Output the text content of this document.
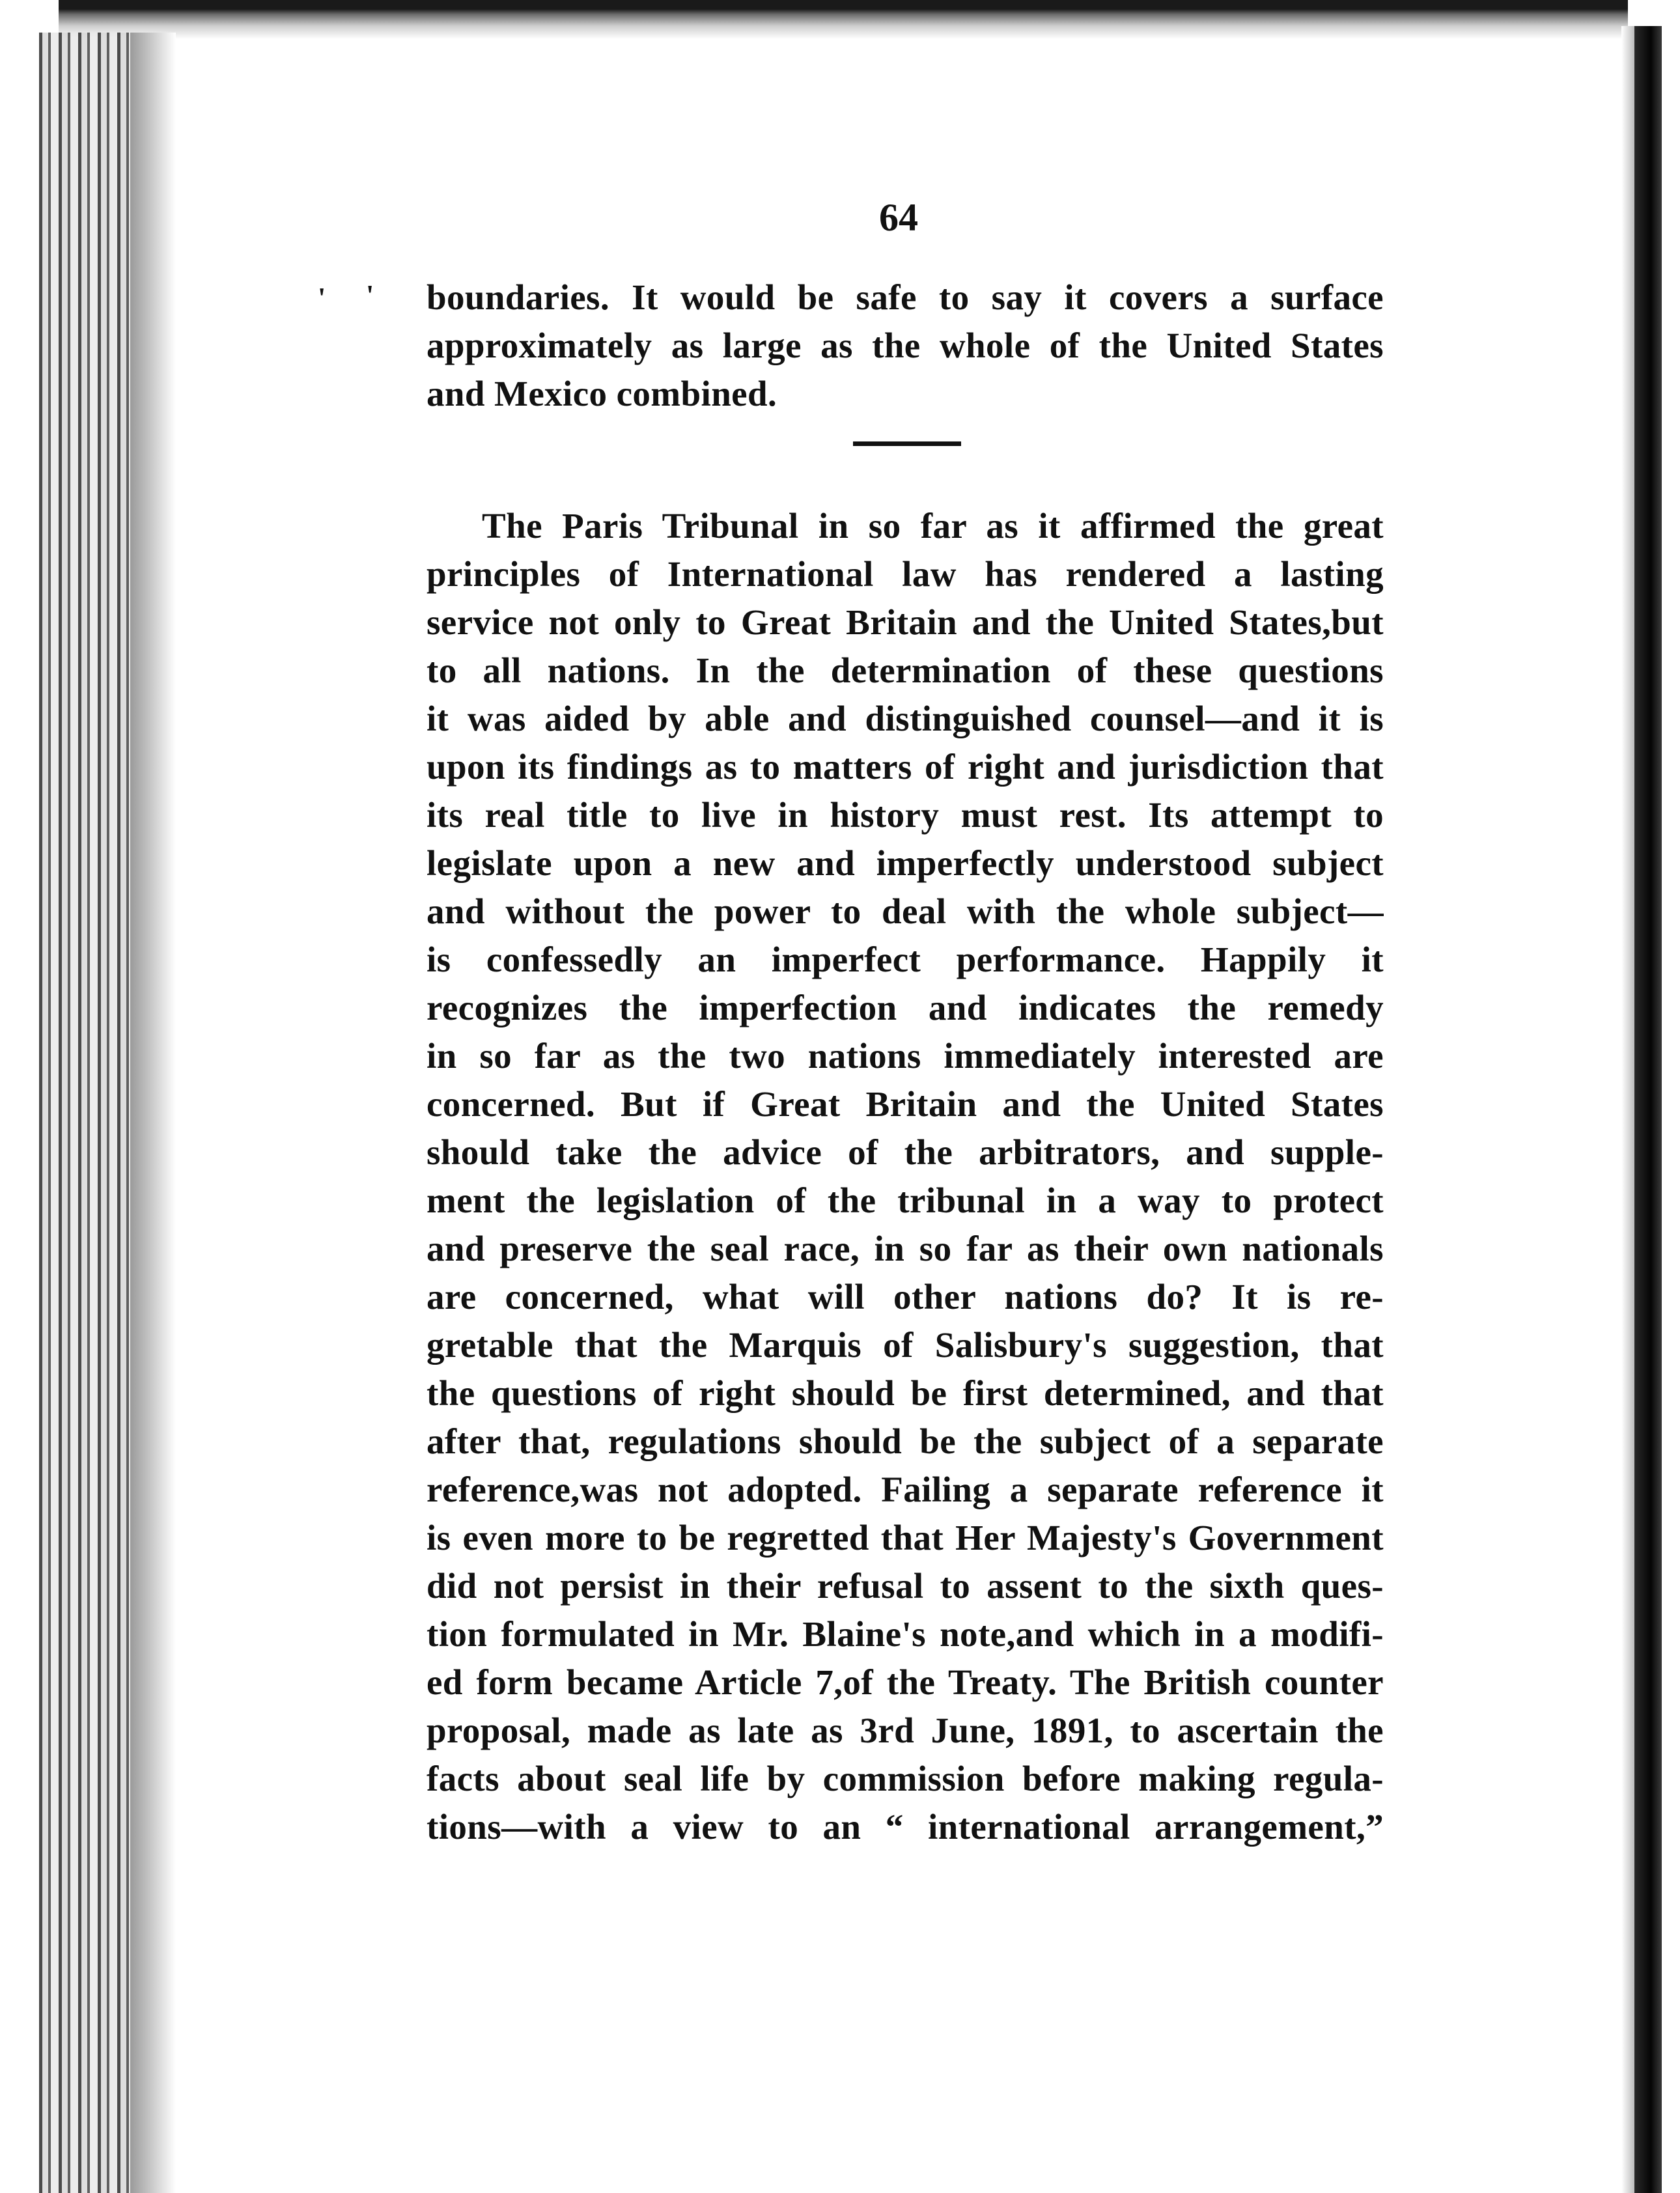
64
' ' boundaries. It would be safe to say it covers a surface
approximately as large as the whole of the United States
and Mexico combined.
The Paris Tribunal in so far as it affirmed the great
principles of International law has rendered a lasting
service not only to Great Britain and the United States,but
to all nations. In the determination of these questions
it was aided by able and distinguished counsel—and it is
upon its findings as to matters of right and jurisdiction that
its real title to live in history must rest. Its attempt to
legislate upon a new and imperfectly understood subject
and without the power to deal with the whole subject—
is confessedly an imperfect performance. Happily it
recognizes the imperfection and indicates the remedy
in so far as the two nations immediately interested are
concerned. But if Great Britain and the United States
should take the advice of the arbitrators, and supple-
ment the legislation of the tribunal in a way to protect
and preserve the seal race, in so far as their own nationals
are concerned, what will other nations do? It is re-
gretable that the Marquis of Salisbury's suggestion, that
the questions of right should be first determined, and that
after that, regulations should be the subject of a separate
reference,was not adopted. Failing a separate reference it
is even more to be regretted that Her Majesty's Government
did not persist in their refusal to assent to the sixth ques-
tion formulated in Mr. Blaine's note,and which in a modifi-
ed form became Article 7,of the Treaty. The British counter
proposal, made as late as 3rd June, 1891, to ascertain the
facts about seal life by commission before making regula-
tions—with a view to an “ international arrangement,”
